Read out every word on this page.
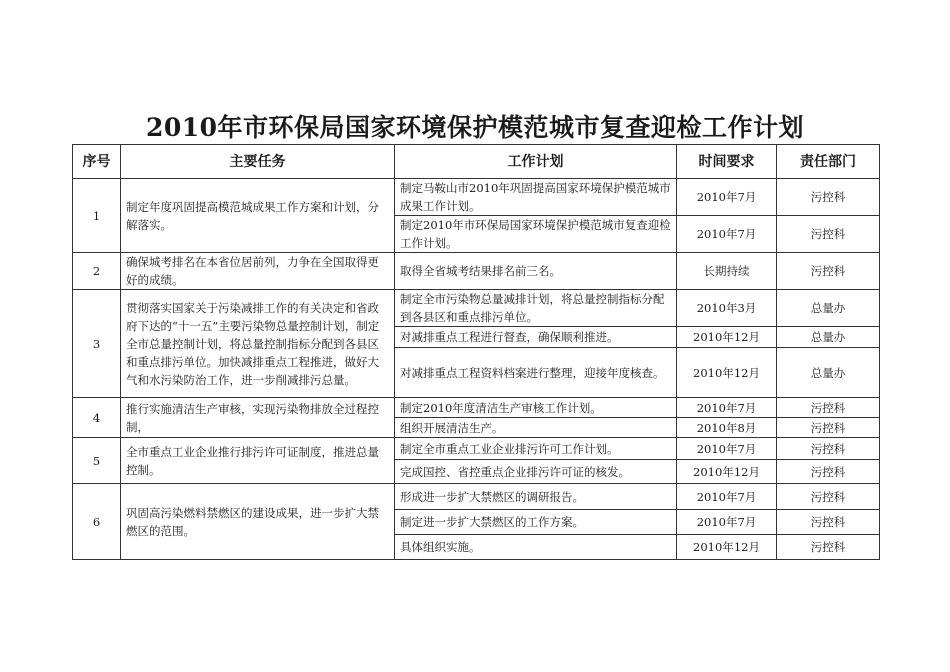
2010年市环保局国家环境保护模范城市复查迎检工作计划
序号	主要任务	工作计划	时间要求	责任部门
1	制定年度巩固提高模范城成果工作方案和计划，分解落实。	制定马鞍山市2010年巩固提高国家环境保护模范城市成果工作计划。	2010年7月	污控科
		制定2010年市环保局国家环境保护模范城市复查迎检工作计划。	2010年7月	污控科
2	确保城考排名在本省位居前列，力争在全国取得更好的成绩。	取得全省城考结果排名前三名。	长期持续	污控科
3	贯彻落实国家关于污染减排工作的有关决定和省政府下达的“十一五”主要污染物总量控制计划，制定全市总量控制计划，将总量控制指标分配到各县区和重点排污单位。加快减排重点工程推进，做好大气和水污染防治工作，进一步削减排污总量。	制定全市污染物总量减排计划，将总量控制指标分配到各县区和重点排污单位。	2010年3月	总量办
		对减排重点工程进行督查，确保顺利推进。	2010年12月	总量办
		对减排重点工程资料档案进行整理，迎接年度核查。	2010年12月	总量办
4	推行实施清洁生产审核，实现污染物排放全过程控制，	制定2010年度清洁生产审核工作计划。	2010年7月	污控科
		组织开展清洁生产。	2010年8月	污控科
5	全市重点工业企业推行排污许可证制度，推进总量控制。	制定全市重点工业企业排污许可工作计划。	2010年7月	污控科
		完成国控、省控重点企业排污许可证的核发。	2010年12月	污控科
6	巩固高污染燃料禁燃区的建设成果，进一步扩大禁燃区的范围。	形成进一步扩大禁燃区的调研报告。	2010年7月	污控科
		制定进一步扩大禁燃区的工作方案。	2010年7月	污控科
		具体组织实施。	2010年12月	污控科
